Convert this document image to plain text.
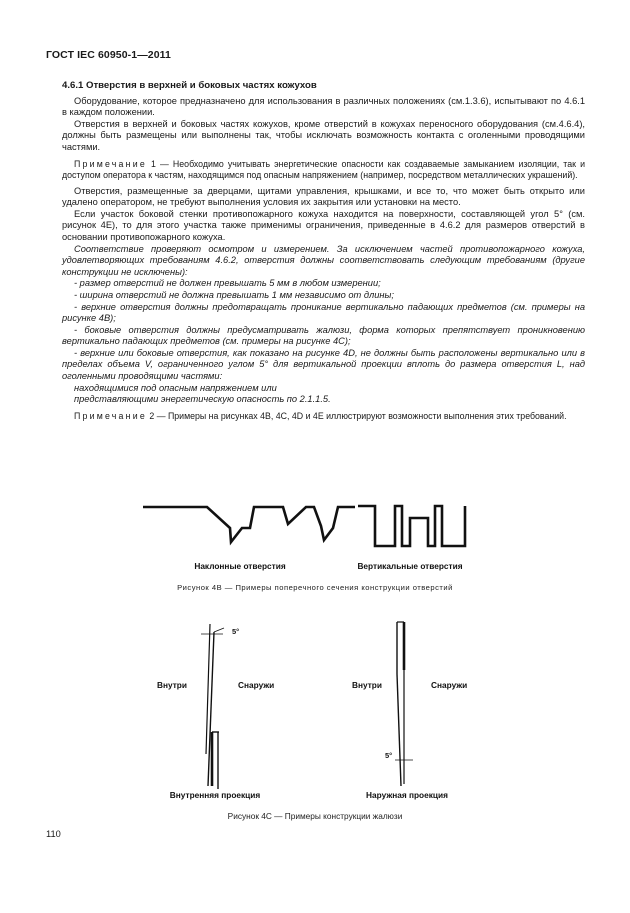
ГОСТ IEC 60950-1—2011

4.6.1 Отверстия в верхней и боковых частях кожухов

Оборудование, которое предназначено для использования в различных положениях (см.1.3.6), испытывают по 4.6.1 в каждом положении.

Отверстия в верхней и боковых частях кожухов, кроме отверстий в кожухах переносного оборудования (см.4.6.4), должны быть размещены или выполнены так, чтобы исключать возможность контакта с оголенными проводящими частями.

Примечание 1 — Необходимо учитывать энергетические опасности как создаваемые замыканием изоляции, так и доступом оператора к частям, находящимся под опасным напряжением (например, посредством металлических украшений).

Отверстия, размещенные за дверцами, щитами управления, крышками, и все то, что может быть открыто или удалено оператором, не требуют выполнения условия их закрытия или установки на место.

Если участок боковой стенки противопожарного кожуха находится на поверхности, составляющей угол 5° (см. рисунок 4Е), то для этого участка также применимы ограничения, приведенные в 4.6.2 для размеров отверстий в основании противопожарного кожуха.

Соответствие проверяют осмотром и измерением. За исключением частей противопожарного кожуха, удовлетворяющих требованиям 4.6.2, отверстия должны соответствовать следующим требованиям (другие конструкции не исключены):

- размер отверстий не должен превышать 5 мм в любом измерении;

- ширина отверстий не должна превышать 1 мм независимо от длины;

- верхние отверстия должны предотвращать проникание вертикально падающих предметов (см. примеры на рисунке 4В);

- боковые отверстия должны предусматривать жалюзи, форма которых препятствует проникновению вертикально падающих предметов (см. примеры на рисунке 4С);

- верхние или боковые отверстия, как показано на рисунке 4D, не должны быть расположены вертикально или в пределах объема V, ограниченного углом 5° для вертикальной проекции вплоть до размера отверстия L, над оголенными проводящими частями:

находящимися под опасным напряжением или

представляющими энергетическую опасность по 2.1.1.5.

Примечание 2 — Примеры на рисунках 4В, 4С, 4D и 4Е иллюстрируют возможности выполнения этих требований.

Наклонные отверстия	Вертикальные отверстия
Рисунок 4В — Примеры поперечного сечения конструкции отверстий
5°
Внутри	Снаружи
Внутренняя проекция
5°
Внутри	Снаружи
Наружная проекция
Рисунок 4С — Примеры конструкции жалюзи
110
